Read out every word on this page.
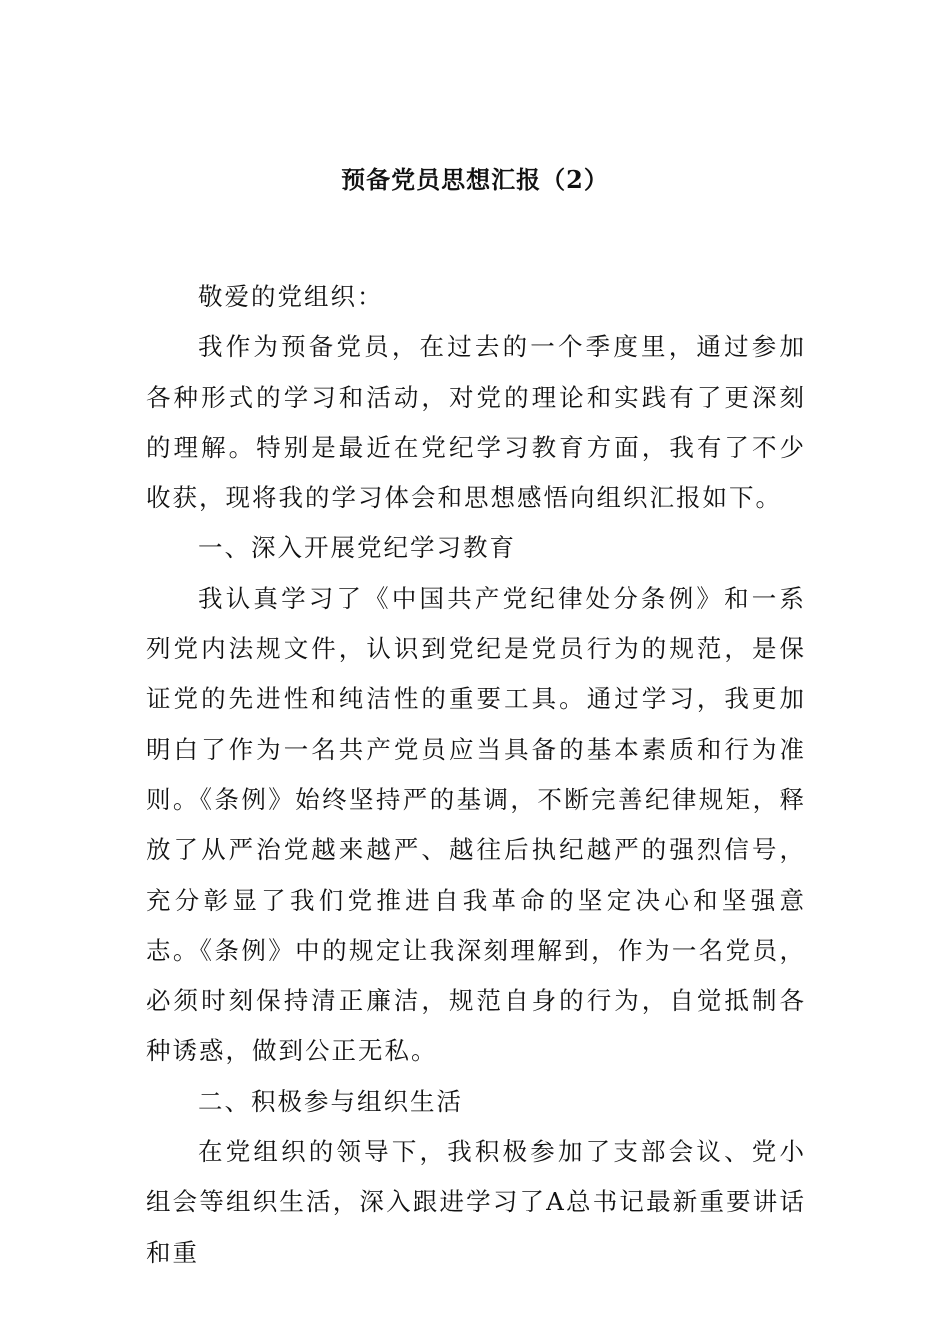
预备党员思想汇报（2）

敬爱的党组织：

我作为预备党员，在过去的一个季度里，通过参加各种形式的学习和活动，对党的理论和实践有了更深刻的理解。特别是最近在党纪学习教育方面，我有了不少收获，现将我的学习体会和思想感悟向组织汇报如下。

一、深入开展党纪学习教育

我认真学习了《中国共产党纪律处分条例》和一系列党内法规文件，认识到党纪是党员行为的规范，是保证党的先进性和纯洁性的重要工具。通过学习，我更加明白了作为一名共产党员应当具备的基本素质和行为准则。《条例》始终坚持严的基调，不断完善纪律规矩，释放了从严治党越来越严、越往后执纪越严的强烈信号，充分彰显了我们党推进自我革命的坚定决心和坚强意志。《条例》中的规定让我深刻理解到，作为一名党员，必须时刻保持清正廉洁，规范自身的行为，自觉抵制各种诱惑，做到公正无私。

二、积极参与组织生活

在党组织的领导下，我积极参加了支部会议、党小组会等组织生活，深入跟进学习了A总书记最新重要讲话和重
